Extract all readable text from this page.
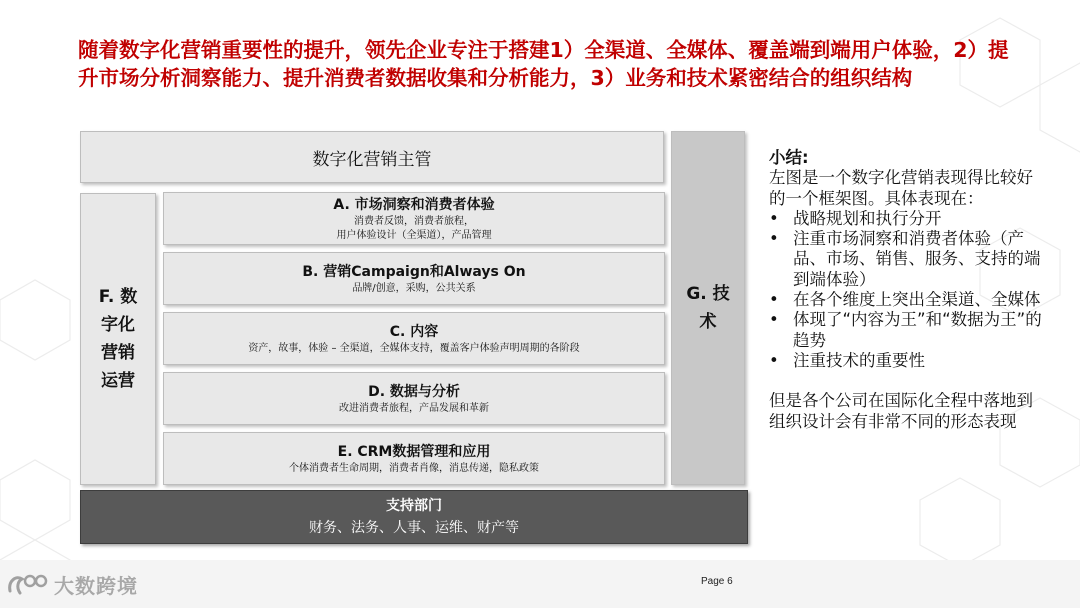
随着数字化营销重要性的提升，领先企业专注于搭建1）全渠道、全媒体、覆盖端到端用户体验，2）提升市场分析洞察能力、提升消费者数据收集和分析能力，3）业务和技术紧密结合的组织结构
数字化营销主管
F. 数
字化
营销
运营
G. 技
术
A. 市场洞察和消费者体验
消费者反馈，消费者旅程，
用户体验设计（全渠道），产品管理
B. 营销Campaign和Always On
品牌/创意，采购，公共关系
C. 内容
资产，故事，体验 – 全渠道，全媒体支持，覆盖客户体验声明周期的各阶段
D. 数据与分析
改进消费者旅程，产品发展和革新
E. CRM数据管理和应用
个体消费者生命周期，消费者肖像，消息传递，隐私政策
支持部门
财务、法务、人事、运维、财产等
小结:
左图是一个数字化营销表现得比较好的一个框架图。具体表现在：
• 战略规划和执行分开
• 注重市场洞察和消费者体验（产品、市场、销售、服务、支持的端到端体验）
• 在各个维度上突出全渠道、全媒体
• 体现了“内容为王”和“数据为王”的趋势
• 注重技术的重要性
但是各个公司在国际化全程中落地到组织设计会有非常不同的形态表现
大数跨境	Page 6
